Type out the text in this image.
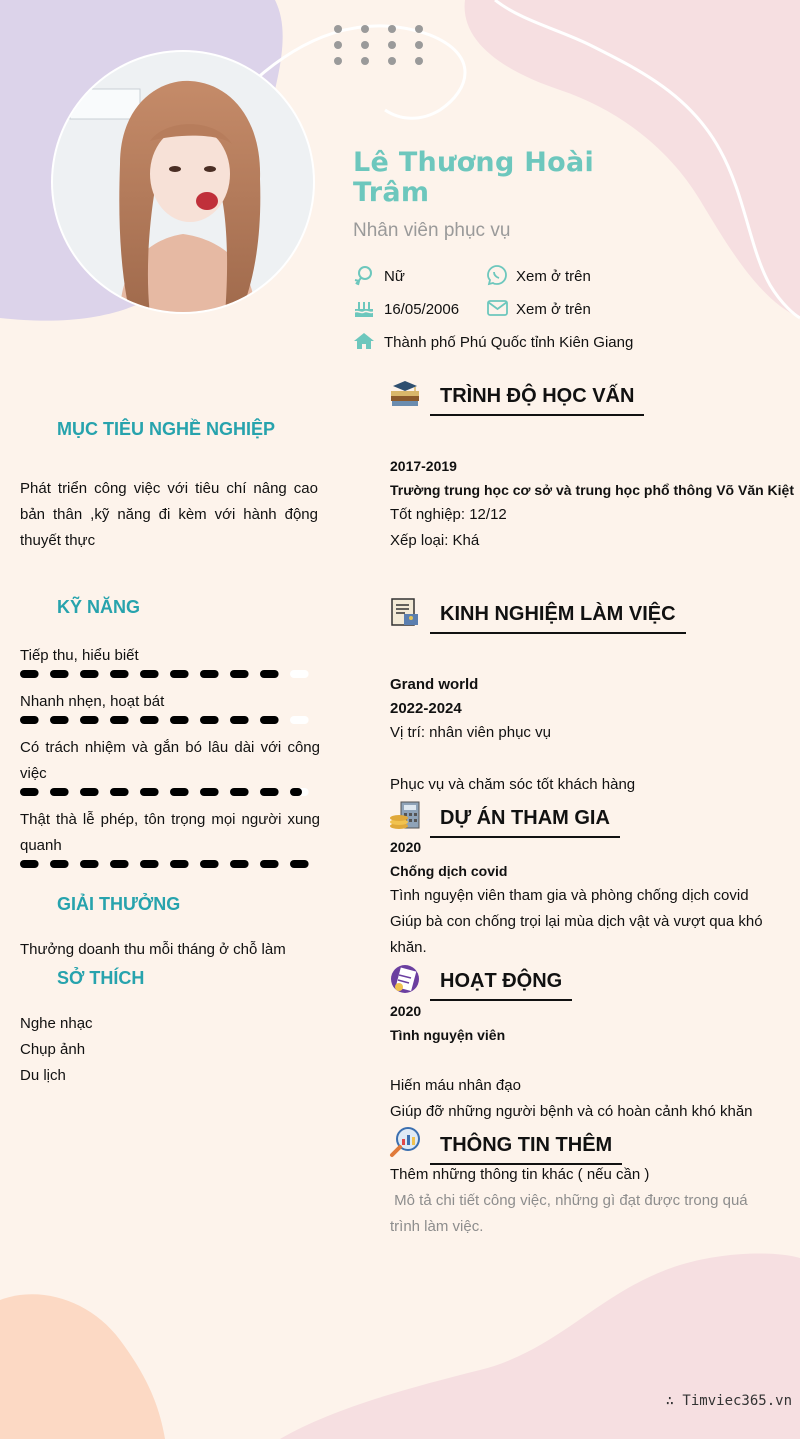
Lê Thương Hoài Trâm
Nhân viên phục vụ
Nữ	Xem ở trên
16/05/2006	Xem ở trên
Thành phố Phú Quốc tỉnh Kiên Giang
MỤC TIÊU NGHỀ NGHIỆP
Phát triển công việc với tiêu chí nâng cao bản thân ,kỹ năng đi kèm với hành động thuyết thực
KỸ NĂNG
Tiếp thu, hiểu biết
Nhanh nhẹn, hoạt bát
Có trách nhiệm và gắn bó lâu dài với công việc
Thật thà lễ phép, tôn trọng mọi người xung quanh
GIẢI THƯỞNG
Thưởng doanh thu mỗi tháng ở chỗ làm
SỞ THÍCH
Nghe nhạc
Chụp ảnh
Du lịch
TRÌNH ĐỘ HỌC VẤN
2017-2019
Trường trung học cơ sở và trung học phổ thông Võ Văn Kiệt
Tốt nghiệp: 12/12
Xếp loại: Khá
KINH NGHIỆM LÀM VIỆC
Grand world
2022-2024
Vị trí: nhân viên phục vụ
Phục vụ và chăm sóc tốt khách hàng
DỰ ÁN THAM GIA
2020
Chống dịch covid
Tình nguyện viên tham gia và phòng chống dịch covid
Giúp bà con chống trọi lại mùa dịch vật và vượt qua khó khăn.
HOẠT ĐỘNG
2020
Tình nguyện viên
Hiến máu nhân đạo
Giúp đỡ những người bệnh và có hoàn cảnh khó khăn
THÔNG TIN THÊM
Thêm những thông tin khác ( nếu cần )
Mô tả chi tiết công việc, những gì đạt được trong quá trình làm việc.
∴ Timviec365.vn
